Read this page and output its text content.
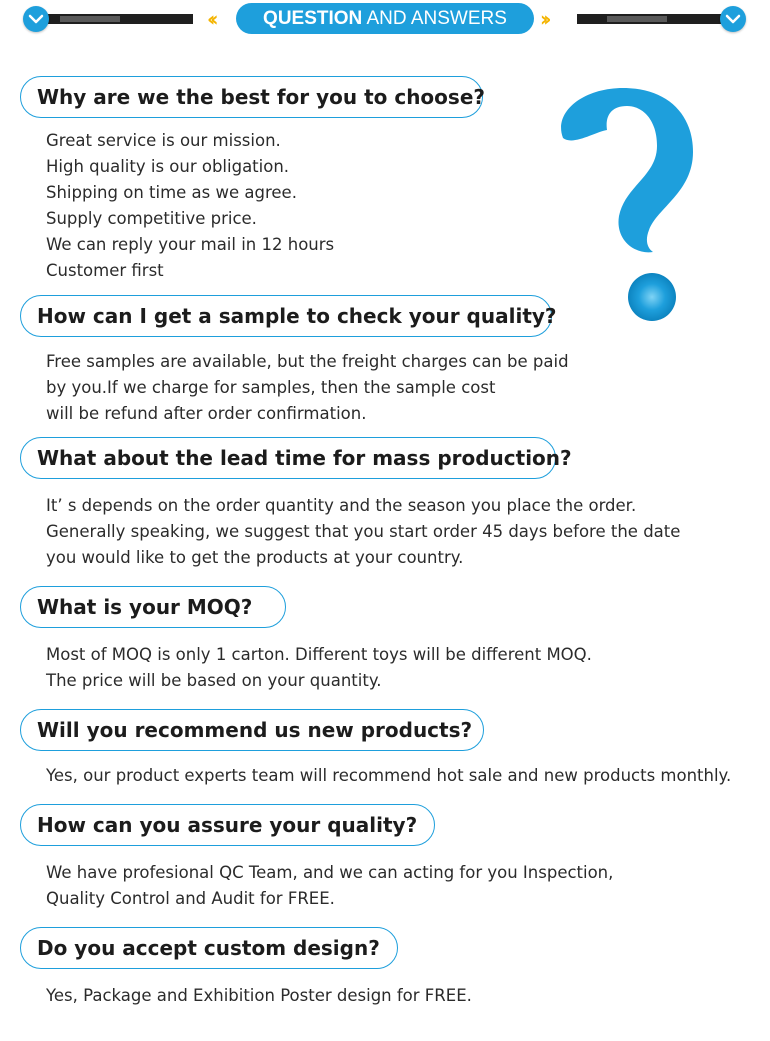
‹‹	››
QUESTION AND ANSWERS
Why are we the best for you to choose?
Great service is our mission.
High quality is our obligation.
Shipping on time as we agree.
Supply competitive price.
We can reply your mail in 12 hours
Customer first
How can I get a sample to check your quality?
Free samples are available, but the freight charges can be paid
by you.If we charge for samples, then the sample cost
will be refund after order confirmation.
What about the lead time for mass production?
It’ s depends on the order quantity and the season you place the order.
Generally speaking, we suggest that you start order 45 days before the date
you would like to get the products at your country.
What is your MOQ?
Most of MOQ is only 1 carton. Different toys will be different MOQ.
The price will be based on your quantity.
Will you recommend us new products?
Yes, our product experts team will recommend hot sale and new products monthly.
How can you assure your quality?
We have profesional QC Team, and we can acting for you Inspection,
Quality Control and Audit for FREE.
Do you accept custom design?
Yes, Package and Exhibition Poster design for FREE.
